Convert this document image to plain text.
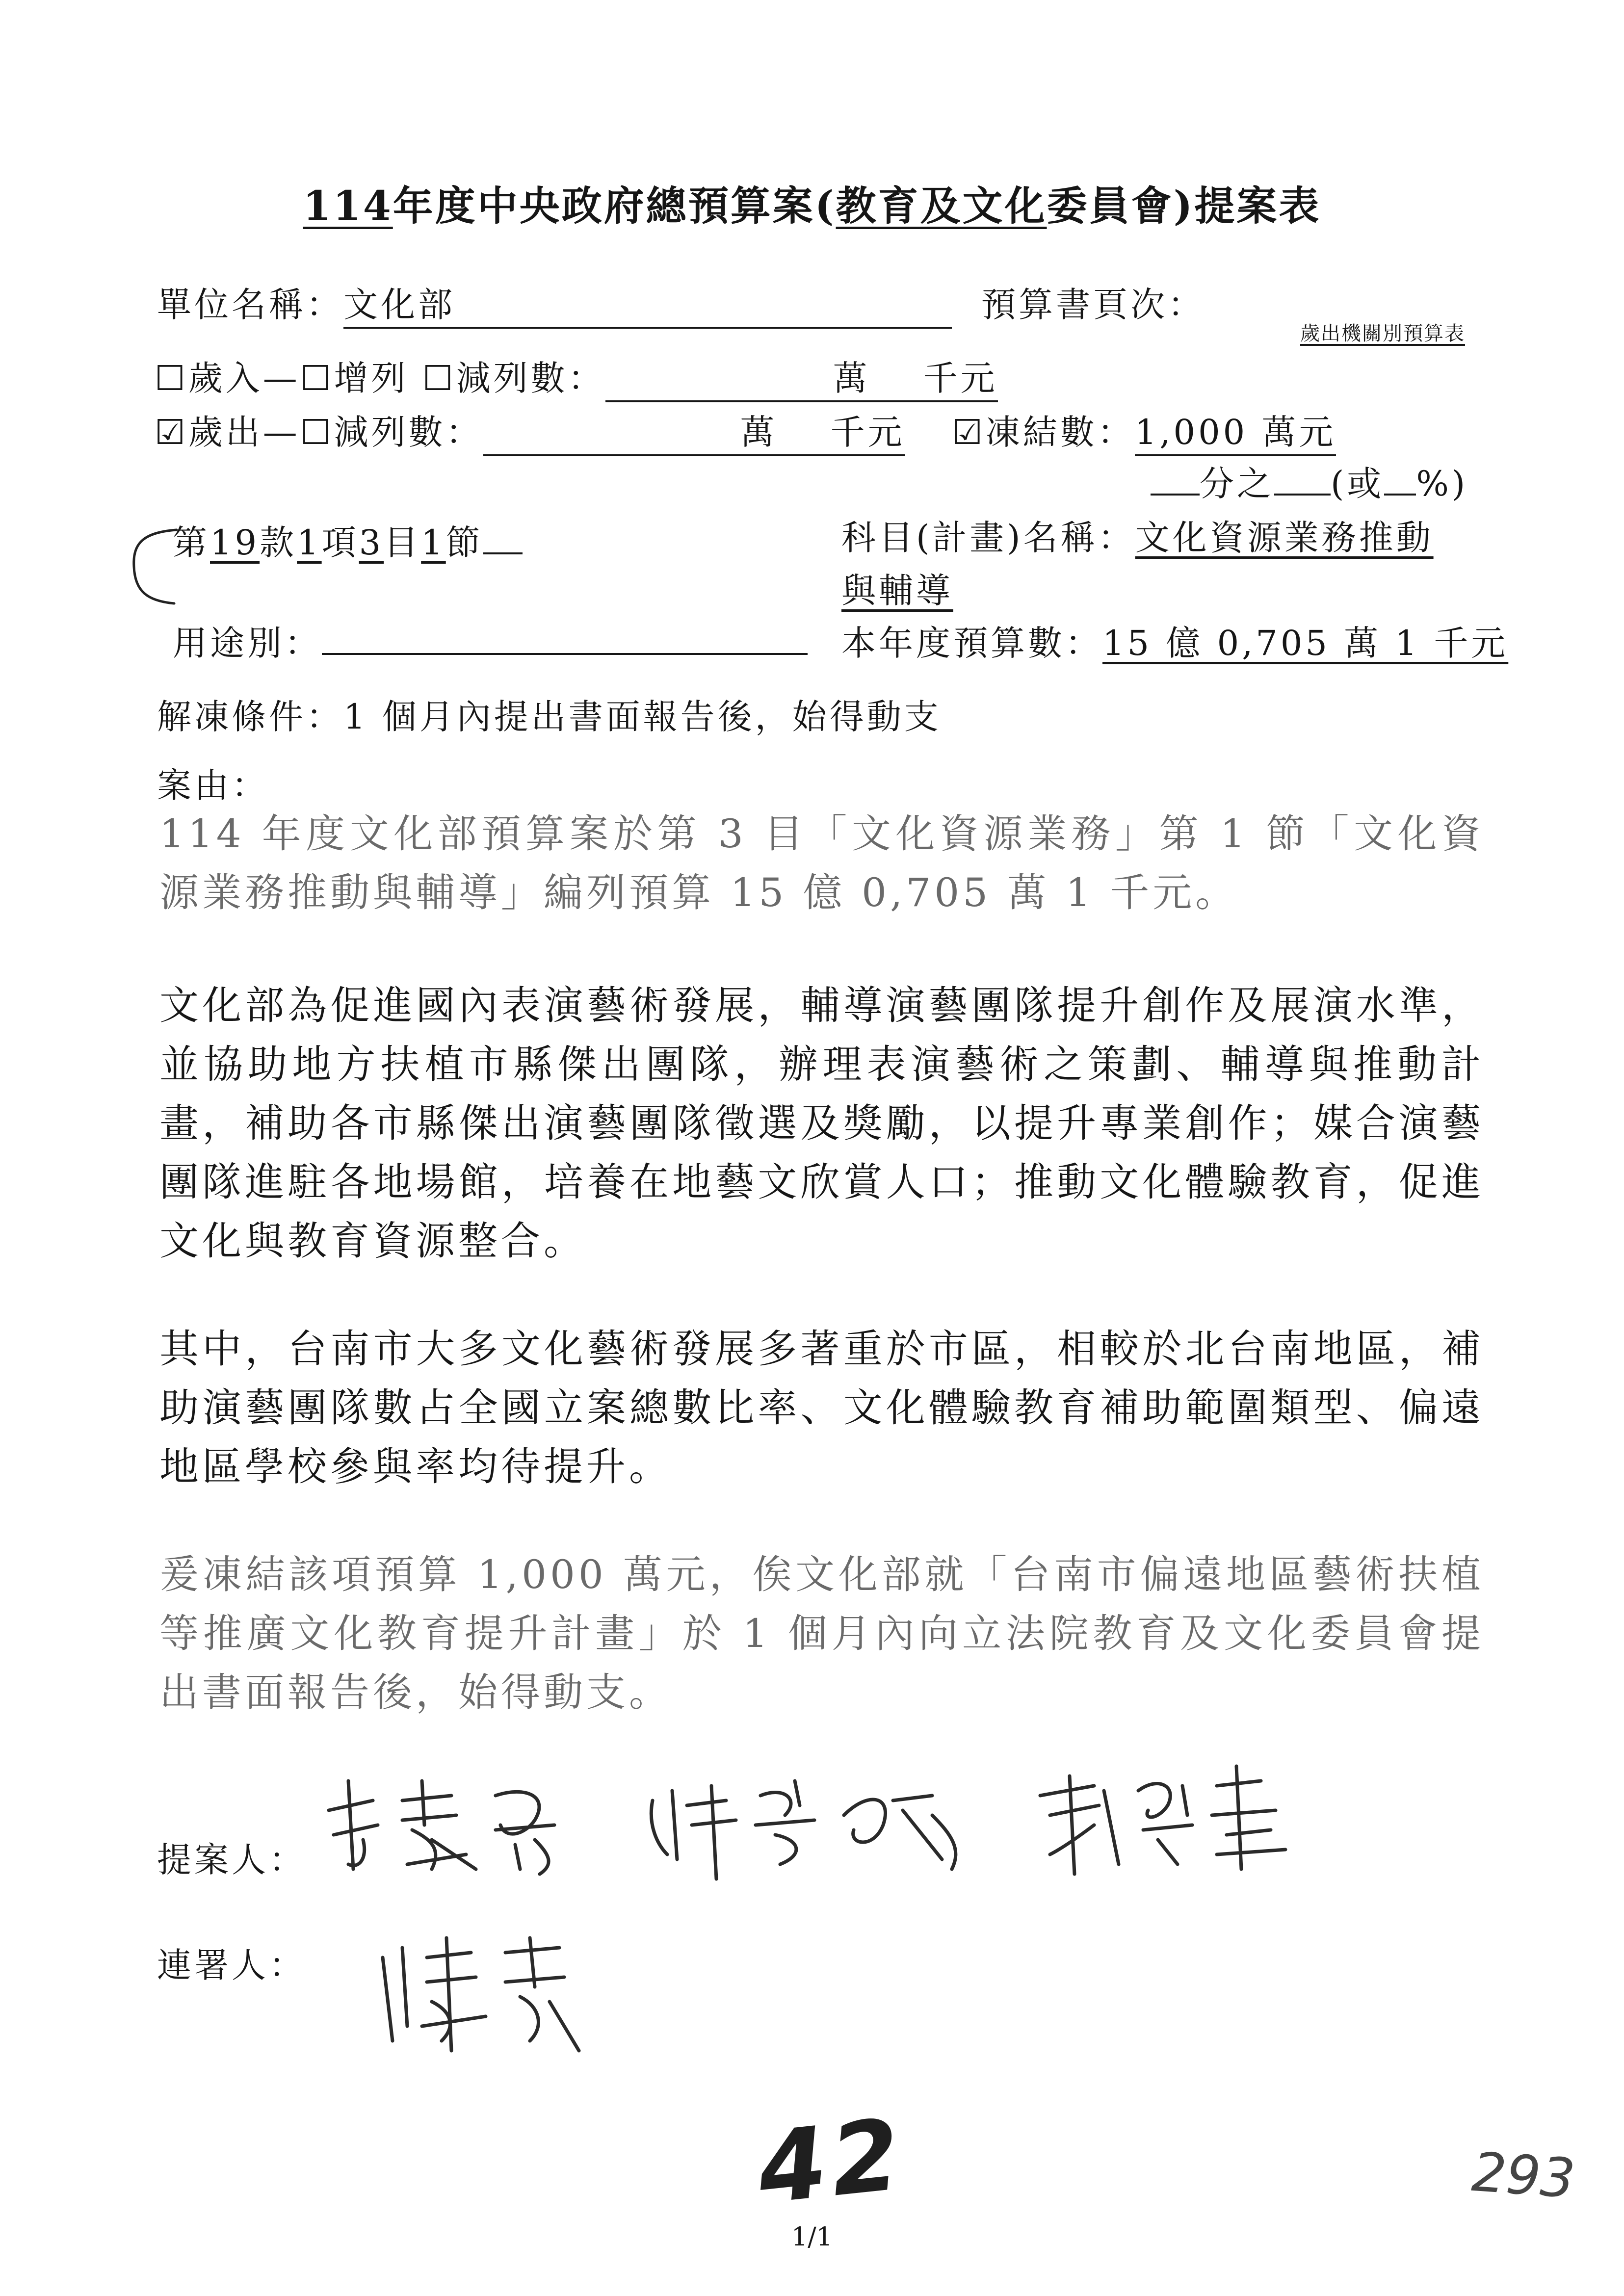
114年度中央政府總預算案(教育及文化委員會)提案表
單位名稱：文化部	預算書頁次：
歲出機關別預算表
☐歲入—☐增列 ☐減列數：	萬 千元
☑歲出—☐減列數：	萬 千元 ☑凍結數：1,000 萬元
分之 (或 %)
第19款1項3目1節	科目(計畫)名稱：文化資源業務推動
與輔導
用途別：	本年度預算數：15 億 0,705 萬 1 千元
解凍條件：1 個月內提出書面報告後，始得動支
案由：
114 年度文化部預算案於第 3 目「文化資源業務」第 1 節「文化資源業務推動與輔導」編列預算 15 億 0,705 萬 1 千元。
文化部為促進國內表演藝術發展，輔導演藝團隊提升創作及展演水準，並協助地方扶植市縣傑出團隊，辦理表演藝術之策劃、輔導與推動計畫，補助各市縣傑出演藝團隊徵選及獎勵，以提升專業創作；媒合演藝團隊進駐各地場館，培養在地藝文欣賞人口；推動文化體驗教育，促進文化與教育資源整合。
其中，台南市大多文化藝術發展多著重於市區，相較於北台南地區，補助演藝團隊數占全國立案總數比率、文化體驗教育補助範圍類型、偏遠地區學校參與率均待提升。
爰凍結該項預算 1,000 萬元，俟文化部就「台南市偏遠地區藝術扶植等推廣文化教育提升計畫」於 1 個月內向立法院教育及文化委員會提出書面報告後，始得動支。
提案人：
連署人：
42	293
1/1
